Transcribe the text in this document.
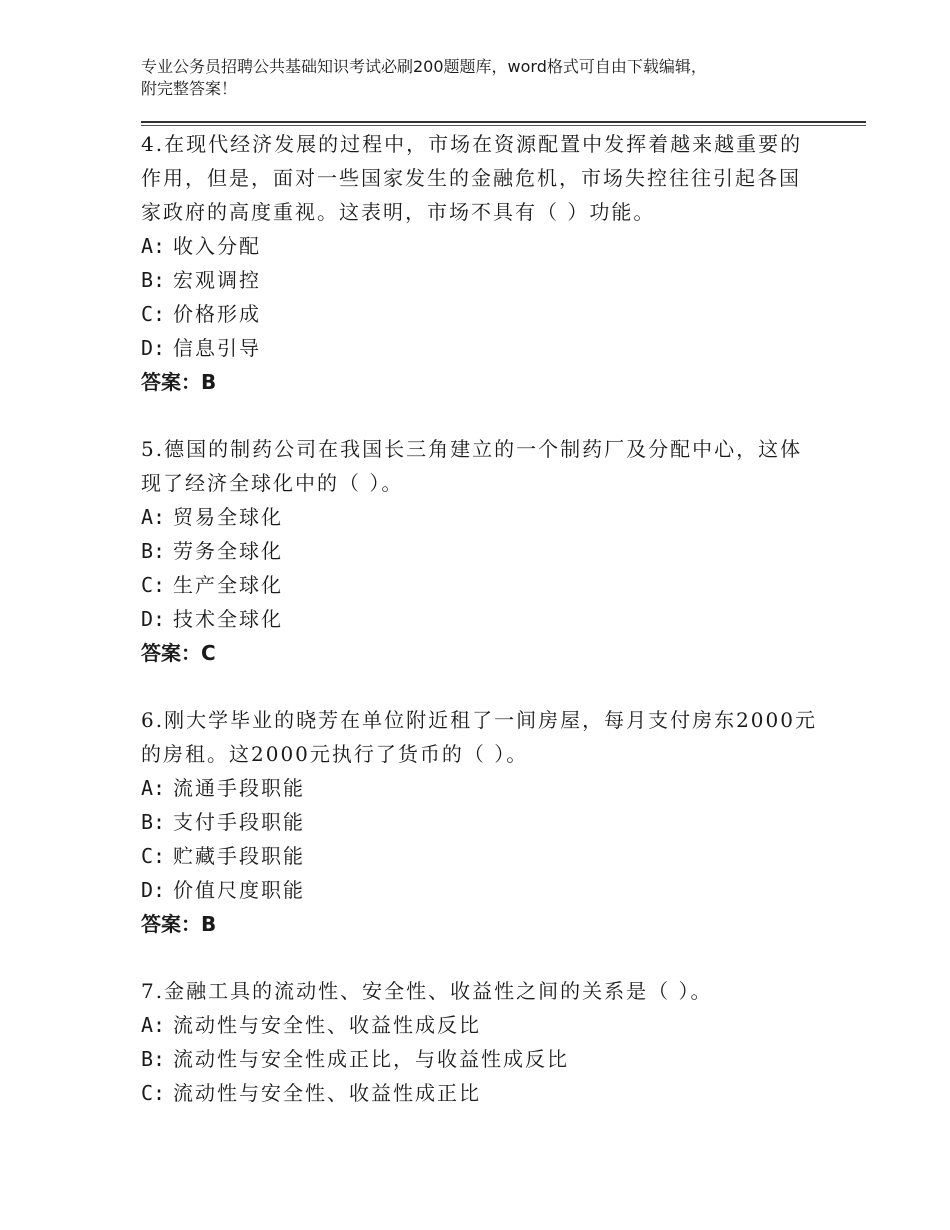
专业公务员招聘公共基础知识考试必刷200题题库，word格式可自由下载编辑，
附完整答案！

4.在现代经济发展的过程中，市场在资源配置中发挥着越来越重要的

作用，但是，面对一些国家发生的金融危机，市场失控往往引起各国

家政府的高度重视。这表明，市场不具有（ ）功能。

A: 收入分配

B: 宏观调控

C: 价格形成

D: 信息引导

答案：B

5.德国的制药公司在我国长三角建立的一个制药厂及分配中心，这体

现了经济全球化中的（ ）。

A: 贸易全球化

B: 劳务全球化

C: 生产全球化

D: 技术全球化

答案：C

6.刚大学毕业的晓芳在单位附近租了一间房屋，每月支付房东2000元

的房租。这2000元执行了货币的（ ）。

A: 流通手段职能

B: 支付手段职能

C: 贮藏手段职能

D: 价值尺度职能

答案：B

7.金融工具的流动性、安全性、收益性之间的关系是（ ）。

A: 流动性与安全性、收益性成反比

B: 流动性与安全性成正比，与收益性成反比

C: 流动性与安全性、收益性成正比
